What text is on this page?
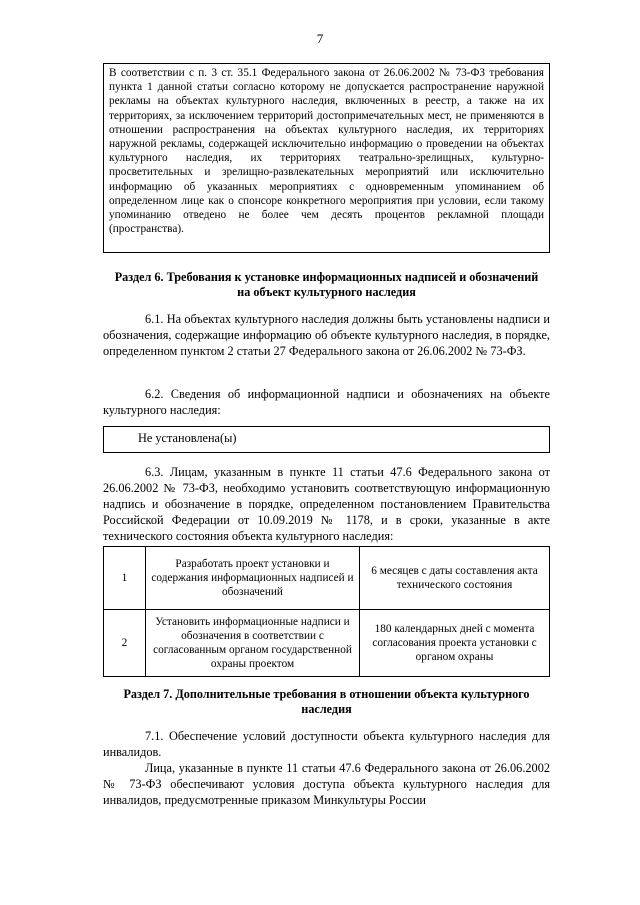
7
В соответствии с п. 3 ст. 35.1 Федерального закона от 26.06.2002 № 73-ФЗ требования пункта 1 данной статьи согласно которому не допускается распространение наружной рекламы на объектах культурного наследия, включенных в реестр, а также на их территориях, за исключением территорий достопримечательных мест, не применяются в отношении распространения на объектах культурного наследия, их территориях наружной рекламы, содержащей исключительно информацию о проведении на объектах культурного наследия, их территориях театрально-зрелищных, культурно-просветительных и зрелищно-развлекательных мероприятий или исключительно информацию об указанных мероприятиях с одновременным упоминанием об определенном лице как о спонсоре конкретного мероприятия при условии, если такому упоминанию отведено не более чем десять процентов рекламной площади (пространства).
Раздел 6. Требования к установке информационных надписей и обозначений
на объект культурного наследия
6.1. На объектах культурного наследия должны быть установлены надписи и обозначения, содержащие информацию об объекте культурного наследия, в порядке, определенном пунктом 2 статьи 27 Федерального закона от 26.06.2002 № 73-ФЗ.
6.2. Сведения об информационной надписи и обозначениях на объекте культурного наследия:
Не установлена(ы)
6.3. Лицам, указанным в пункте 11 статьи 47.6 Федерального закона от 26.06.2002 № 73-ФЗ, необходимо установить соответствующую информационную надпись и обозначение в порядке, определенном постановлением Правительства Российской Федерации от 10.09.2019 № 1178, и в сроки, указанные в акте технического состояния объекта культурного наследия:
1	Разработать проект установки и содержания информационных надписей и обозначений	6 месяцев с даты составления акта технического состояния
2	Установить информационные надписи и обозначения в соответствии с согласованным органом государственной охраны проектом	180 календарных дней с момента согласования проекта установки с органом охраны
Раздел 7. Дополнительные требования в отношении объекта культурного
наследия
7.1. Обеспечение условий доступности объекта культурного наследия для инвалидов.
Лица, указанные в пункте 11 статьи 47.6 Федерального закона от 26.06.2002 № 73-ФЗ обеспечивают условия доступа объекта культурного наследия для инвалидов, предусмотренные приказом Минкультуры России
